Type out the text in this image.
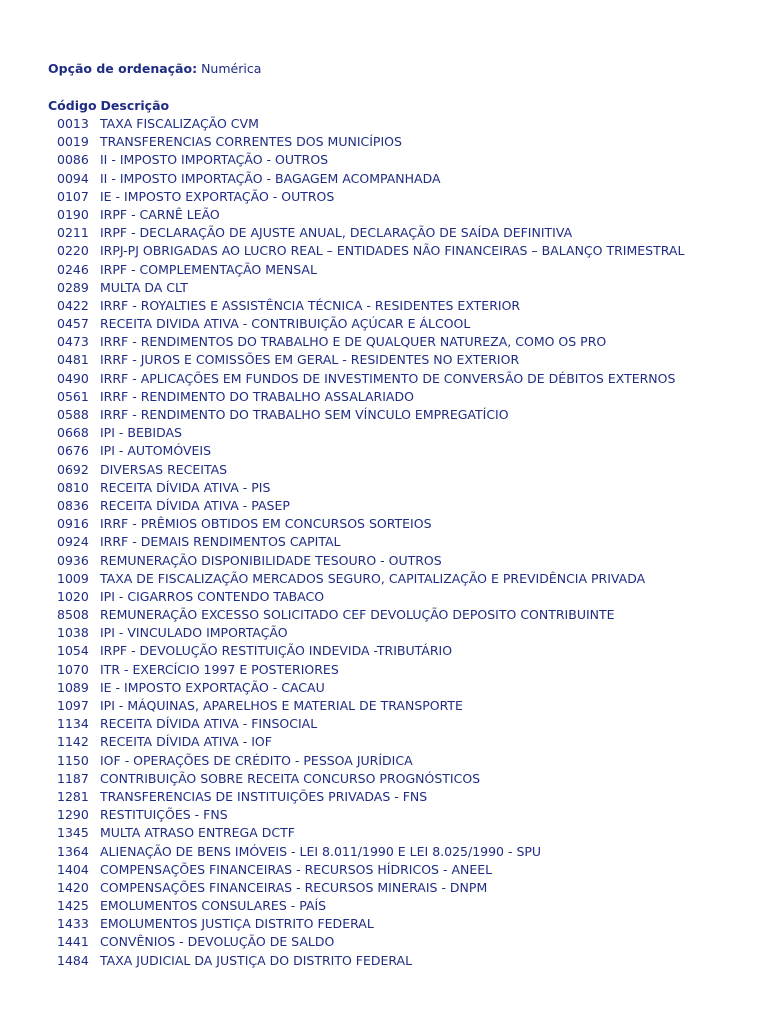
Opção de ordenação: Numérica
Código Descrição
0013 TAXA FISCALIZAÇÃO CVM
0019 TRANSFERENCIAS CORRENTES DOS MUNICÍPIOS
0086 II - IMPOSTO IMPORTAÇÃO - OUTROS
0094 II - IMPOSTO IMPORTAÇÃO - BAGAGEM ACOMPANHADA
0107 IE - IMPOSTO EXPORTAÇÃO - OUTROS
0190 IRPF - CARNÊ LEÃO
0211 IRPF - DECLARAÇÃO DE AJUSTE ANUAL, DECLARAÇÃO DE SAÍDA DEFINITIVA
0220 IRPJ-PJ OBRIGADAS AO LUCRO REAL – ENTIDADES NÃO FINANCEIRAS – BALANÇO TRIMESTRAL
0246 IRPF - COMPLEMENTAÇÃO MENSAL
0289 MULTA DA CLT
0422 IRRF - ROYALTIES E ASSISTÊNCIA TÉCNICA - RESIDENTES EXTERIOR
0457 RECEITA DIVIDA ATIVA - CONTRIBUIÇÃO AÇÚCAR E ÁLCOOL
0473 IRRF - RENDIMENTOS DO TRABALHO E DE QUALQUER NATUREZA, COMO OS PRO
0481 IRRF - JUROS E COMISSÕES EM GERAL - RESIDENTES NO EXTERIOR
0490 IRRF - APLICAÇÕES EM FUNDOS DE INVESTIMENTO DE CONVERSÃO DE DÉBITOS EXTERNOS
0561 IRRF - RENDIMENTO DO TRABALHO ASSALARIADO
0588 IRRF - RENDIMENTO DO TRABALHO SEM VÍNCULO EMPREGATÍCIO
0668 IPI - BEBIDAS
0676 IPI - AUTOMÓVEIS
0692 DIVERSAS RECEITAS
0810 RECEITA DÍVIDA ATIVA - PIS
0836 RECEITA DÍVIDA ATIVA - PASEP
0916 IRRF - PRÊMIOS OBTIDOS EM CONCURSOS SORTEIOS
0924 IRRF - DEMAIS RENDIMENTOS CAPITAL
0936 REMUNERAÇÃO DISPONIBILIDADE TESOURO - OUTROS
1009 TAXA DE FISCALIZAÇÃO MERCADOS SEGURO, CAPITALIZAÇÃO E PREVIDÊNCIA PRIVADA
1020 IPI - CIGARROS CONTENDO TABACO
8508 REMUNERAÇÃO EXCESSO SOLICITADO CEF DEVOLUÇÃO DEPOSITO CONTRIBUINTE
1038 IPI - VINCULADO IMPORTAÇÃO
1054 IRPF - DEVOLUÇÃO RESTITUIÇÃO INDEVIDA -TRIBUTÁRIO
1070 ITR - EXERCÍCIO 1997 E POSTERIORES
1089 IE - IMPOSTO EXPORTAÇÃO - CACAU
1097 IPI - MÁQUINAS, APARELHOS E MATERIAL DE TRANSPORTE
1134 RECEITA DÍVIDA ATIVA - FINSOCIAL
1142 RECEITA DÍVIDA ATIVA - IOF
1150 IOF - OPERAÇÕES DE CRÉDITO - PESSOA JURÍDICA
1187 CONTRIBUIÇÃO SOBRE RECEITA CONCURSO PROGNÓSTICOS
1281 TRANSFERENCIAS DE INSTITUIÇÕES PRIVADAS - FNS
1290 RESTITUIÇÕES - FNS
1345 MULTA ATRASO ENTREGA DCTF
1364 ALIENAÇÃO DE BENS IMÓVEIS - LEI 8.011/1990 E LEI 8.025/1990 - SPU
1404 COMPENSAÇÕES FINANCEIRAS - RECURSOS HÍDRICOS - ANEEL
1420 COMPENSAÇÕES FINANCEIRAS - RECURSOS MINERAIS - DNPM
1425 EMOLUMENTOS CONSULARES - PAÍS
1433 EMOLUMENTOS JUSTIÇA DISTRITO FEDERAL
1441 CONVÊNIOS - DEVOLUÇÃO DE SALDO
1484 TAXA JUDICIAL DA JUSTIÇA DO DISTRITO FEDERAL
